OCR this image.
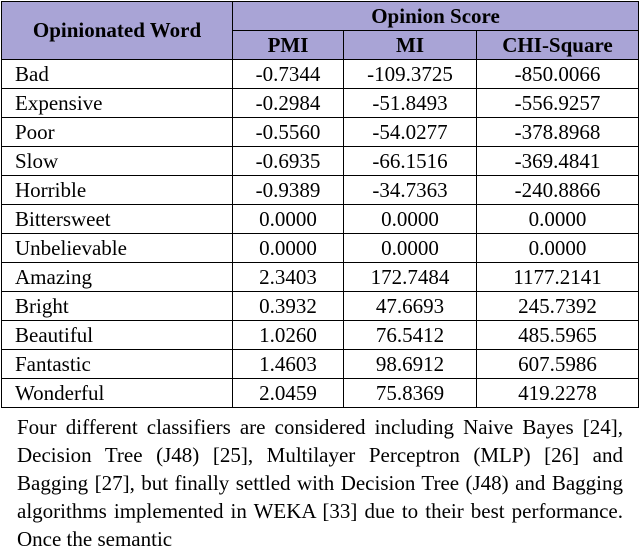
Opinionated Word	Opinion Score		
	PMI	MI	CHI-Square
Bad	-0.7344	-109.3725	-850.0066
Expensive	-0.2984	-51.8493	-556.9257
Poor	-0.5560	-54.0277	-378.8968
Slow	-0.6935	-66.1516	-369.4841
Horrible	-0.9389	-34.7363	-240.8866
Bittersweet	0.0000	0.0000	0.0000
Unbelievable	0.0000	0.0000	0.0000
Amazing	2.3403	172.7484	1177.2141
Bright	0.3932	47.6693	245.7392
Beautiful	1.0260	76.5412	485.5965
Fantastic	1.4603	98.6912	607.5986
Wonderful	2.0459	75.8369	419.2278
Four different classifiers are considered including Naive Bayes [24], Decision Tree (J48) [25], Multilayer Perceptron (MLP) [26] and Bagging [27], but finally settled with Decision Tree (J48) and Bagging algorithms implemented in WEKA [33] due to their best performance. Once the semantic
